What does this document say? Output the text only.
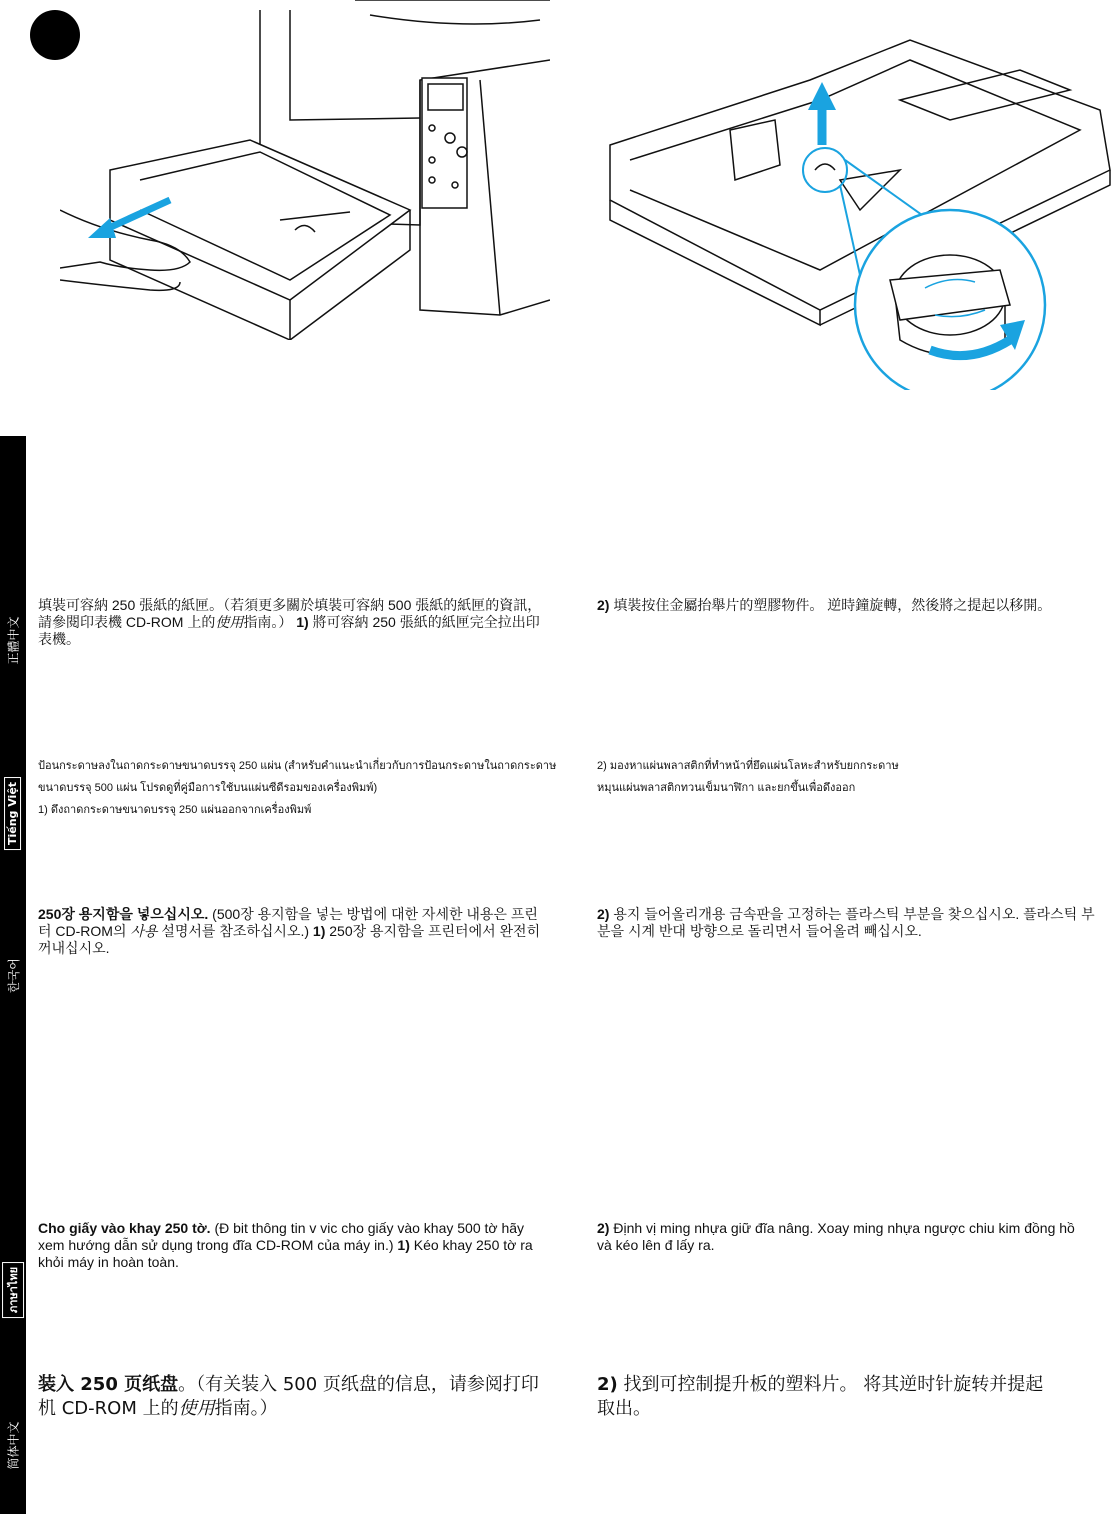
正體中文
Tiếng Việt
한국어
ภาษาไทย
简体中文

填裝可容納 250 張紙的紙匣。（若須更多關於填裝可容納 500 張紙的紙匣的資訊，請參閱印表機 CD-ROM 上的使用指南。） 1) 將可容納 250 張紙的紙匣完全拉出印表機。

2) 填裝按住金屬抬舉片的塑膠物件。 逆時鐘旋轉，然後將之提起以移開。

ป้อนกระดาษลงในถาดกระดาษขนาดบรรจุ 250 แผ่น (สำหรับคำแนะนำเกี่ยวกับการป้อนกระดาษในถาดกระดาษขนาดบรรจุ 500 แผ่น โปรดดูที่คู่มือการใช้บนแผ่นซีดีรอมของเครื่องพิมพ์)
1) ดึงถาดกระดาษขนาดบรรจุ 250 แผ่นออกจากเครื่องพิมพ์

2) มองหาแผ่นพลาสติกที่ทำหน้าที่ยึดแผ่นโลหะสำหรับยกกระดาษ
หมุนแผ่นพลาสติกทวนเข็มนาฬิกา และยกขึ้นเพื่อดึงออก

250장 용지함을 넣으십시오. (500장 용지함을 넣는 방법에 대한 자세한 내용은 프린터 CD-ROM의 사용 설명서를 참조하십시오.) 1) 250장 용지함을 프린터에서 완전히 꺼내십시오.

2) 용지 들어올리개용 금속판을 고정하는 플라스틱 부분을 찾으십시오. 플라스틱 부분을 시계 반대 방향으로 돌리면서 들어올려 빼십시오.

Cho giấy vào khay 250 tờ. (Đ bit thông tin v vic cho giấy vào khay 500 tờ hãy xem hướng dẫn sử dụng trong đĩa CD-ROM của máy in.) 1) Kéo khay 250 tờ ra khỏi máy in hoàn toàn.

2) Định vị ming nhựa giữ đĩa nâng. Xoay ming nhựa ngược chiu kim đồng hồ và kéo lên đ lấy ra.

装入 250 页纸盘。（有关装入 500 页纸盘的信息，请参阅打印机 CD-ROM 上的使用指南。）

2) 找到可控制提升板的塑料片。 将其逆时针旋转并提起取出。
